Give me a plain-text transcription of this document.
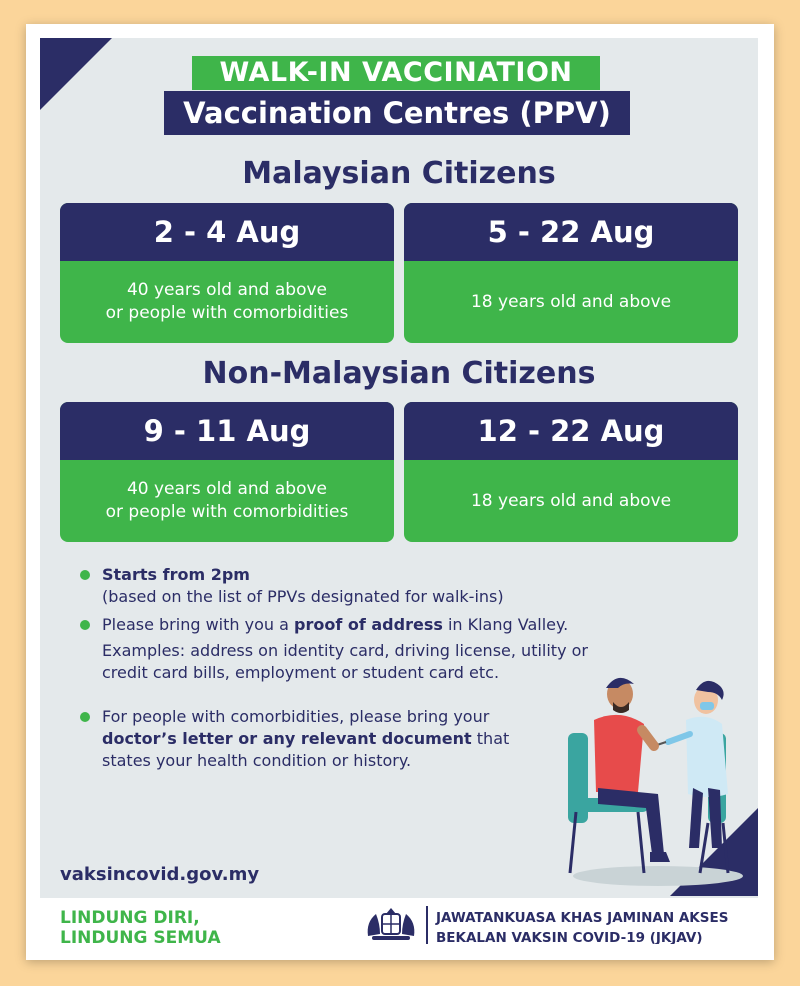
WALK-IN VACCINATION
Vaccination Centres (PPV)
Malaysian Citizens
2 - 4 Aug
40 years old and above
or people with comorbidities
5 - 22 Aug
18 years old and above
Non-Malaysian Citizens
9 - 11 Aug
40 years old and above
or people with comorbidities
12 - 22 Aug
18 years old and above
Starts from 2pm
(based on the list of PPVs designated for walk-ins)
Please bring with you a proof of address in Klang Valley.
Examples: address on identity card, driving license, utility or credit card bills, employment or student card etc.
For people with comorbidities, please bring your doctor’s letter or any relevant document that states your health condition or history.
vaksincovid.gov.my
LINDUNG DIRI,
LINDUNG SEMUA
JAWATANKUASA KHAS JAMINAN AKSES
BEKALAN VAKSIN COVID-19 (JKJAV)
